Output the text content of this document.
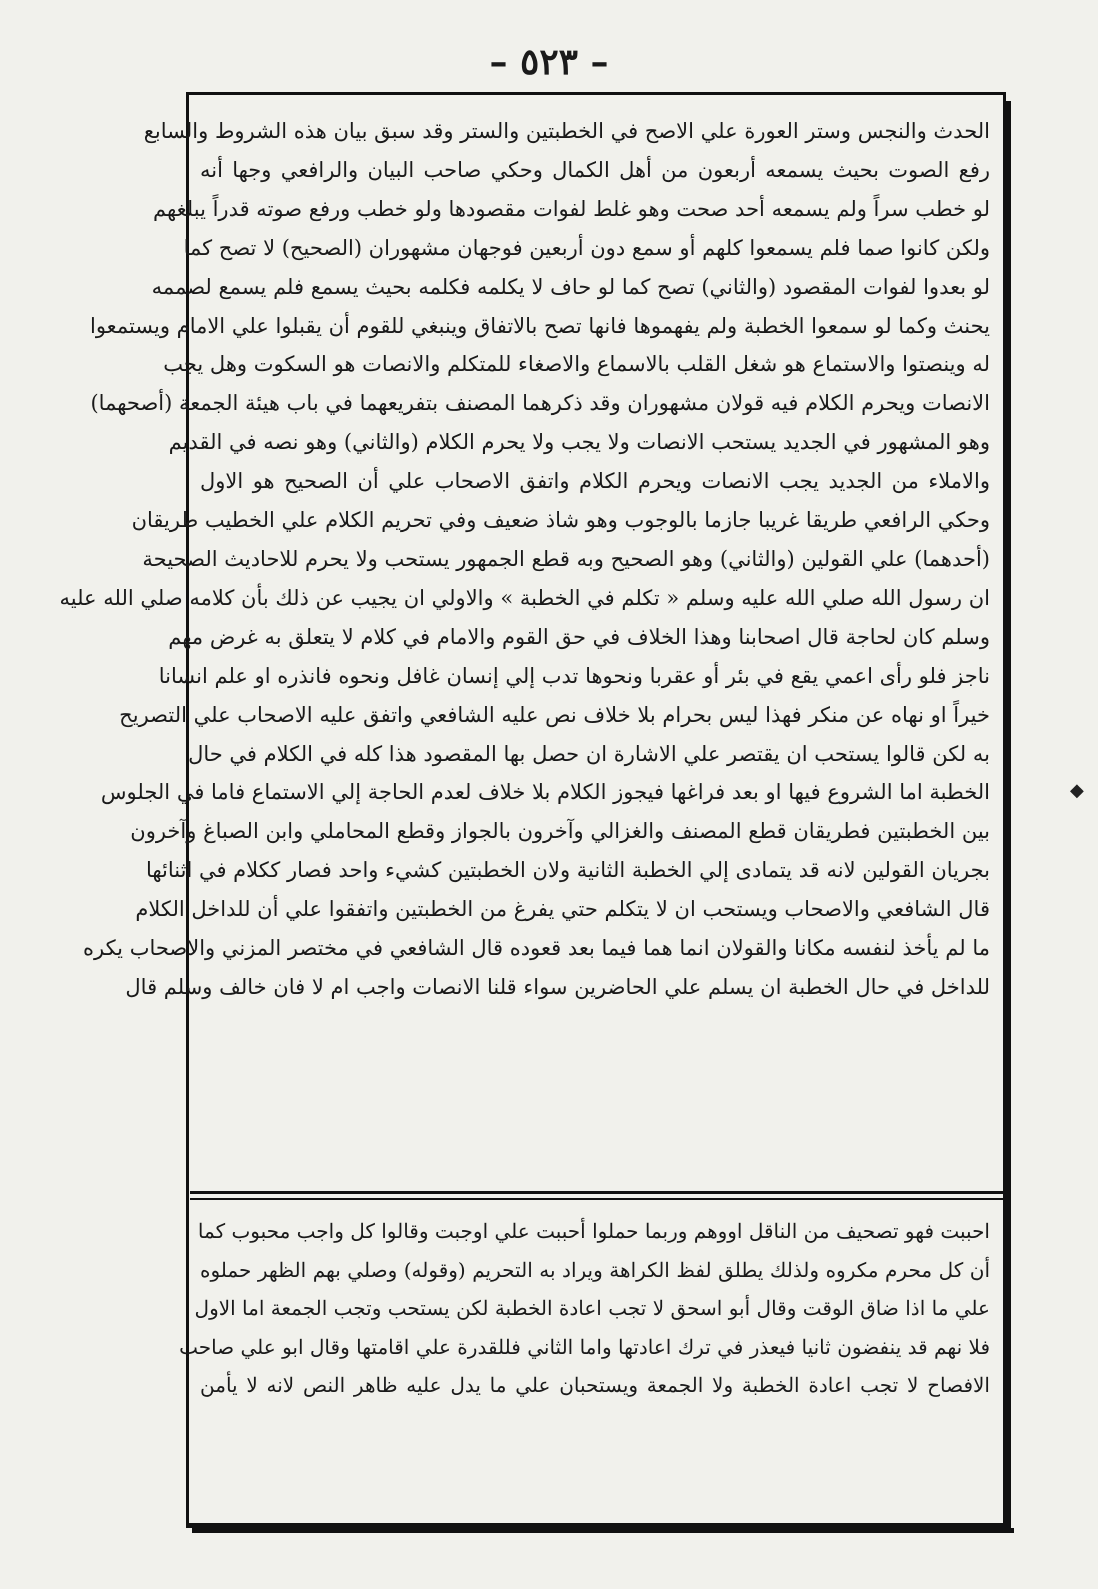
– ٥٢٣ –
الحدث والنجس وستر العورة علي الاصح في الخطبتين والستر وقد سبق بيان هذه الشروط والسابع
رفع الصوت بحيث يسمعه أربعون من أهل الكمال وحكي صاحب البيان والرافعي وجها أنه
لو خطب سراً ولم يسمعه أحد صحت وهو غلط لفوات مقصودها ولو خطب ورفع صوته قدراً يبلغهم
ولكن كانوا صما فلم يسمعوا كلهم أو سمع دون أربعين فوجهان مشهوران (الصحيح) لا تصح كما
لو بعدوا لفوات المقصود (والثاني) تصح كما لو حاف لا يكلمه فكلمه بحيث يسمع فلم يسمع لصممه
يحنث وكما لو سمعوا الخطبة ولم يفهموها فانها تصح بالاتفاق وينبغي للقوم أن يقبلوا علي الامام ويستمعوا
له وينصتوا والاستماع هو شغل القلب بالاسماع والاصغاء للمتكلم والانصات هو السكوت وهل يجب
الانصات ويحرم الكلام فيه قولان مشهوران وقد ذكرهما المصنف بتفريعهما في باب هيئة الجمعة (أصحهما)
وهو المشهور في الجديد يستحب الانصات ولا يجب ولا يحرم الكلام (والثاني) وهو نصه في القديم
والاملاء من الجديد يجب الانصات ويحرم الكلام واتفق الاصحاب علي أن الصحيح هو الاول
وحكي الرافعي طريقا غريبا جازما بالوجوب وهو شاذ ضعيف وفي تحريم الكلام علي الخطيب طريقان
(أحدهما) علي القولين (والثاني) وهو الصحيح وبه قطع الجمهور يستحب ولا يحرم للاحاديث الصحيحة
ان رسول الله صلي الله عليه وسلم « تكلم في الخطبة » والاولي ان يجيب عن ذلك بأن كلامه صلي الله عليه
وسلم كان لحاجة قال اصحابنا وهذا الخلاف في حق القوم والامام في كلام لا يتعلق به غرض مهم
ناجز فلو رأى اعمي يقع في بئر أو عقربا ونحوها تدب إلي إنسان غافل ونحوه فانذره او علم انسانا
خيراً او نهاه عن منكر فهذا ليس بحرام بلا خلاف نص عليه الشافعي واتفق عليه الاصحاب علي التصريح
به لكن قالوا يستحب ان يقتصر علي الاشارة ان حصل بها المقصود هذا كله في الكلام في حال
الخطبة اما الشروع فيها او بعد فراغها فيجوز الكلام بلا خلاف لعدم الحاجة إلي الاستماع فاما في الجلوس
بين الخطبتين فطريقان قطع المصنف والغزالي وآخرون بالجواز وقطع المحاملي وابن الصباغ وآخرون
بجريان القولين لانه قد يتمادى إلي الخطبة الثانية ولان الخطبتين كشيء واحد فصار ككلام في اثنائها
قال الشافعي والاصحاب ويستحب ان لا يتكلم حتي يفرغ من الخطبتين واتفقوا علي أن للداخل الكلام
ما لم يأخذ لنفسه مكانا والقولان انما هما فيما بعد قعوده قال الشافعي في مختصر المزني والاصحاب يكره
للداخل في حال الخطبة ان يسلم علي الحاضرين سواء قلنا الانصات واجب ام لا فان خالف وسلم قال
احببت فهو تصحيف من الناقل اووهم وربما حملوا أحببت علي اوجبت وقالوا كل واجب محبوب كما
أن كل محرم مكروه ولذلك يطلق لفظ الكراهة ويراد به التحريم (وقوله) وصلي بهم الظهر حملوه
علي ما اذا ضاق الوقت وقال أبو اسحق لا تجب اعادة الخطبة لكن يستحب وتجب الجمعة اما الاول
فلا نهم قد ينفضون ثانيا فيعذر في ترك اعادتها واما الثاني فللقدرة علي اقامتها وقال ابو علي صاحب
الافصاح لا تجب اعادة الخطبة ولا الجمعة ويستحبان علي ما يدل عليه ظاهر النص لانه لا يأمن
◆
